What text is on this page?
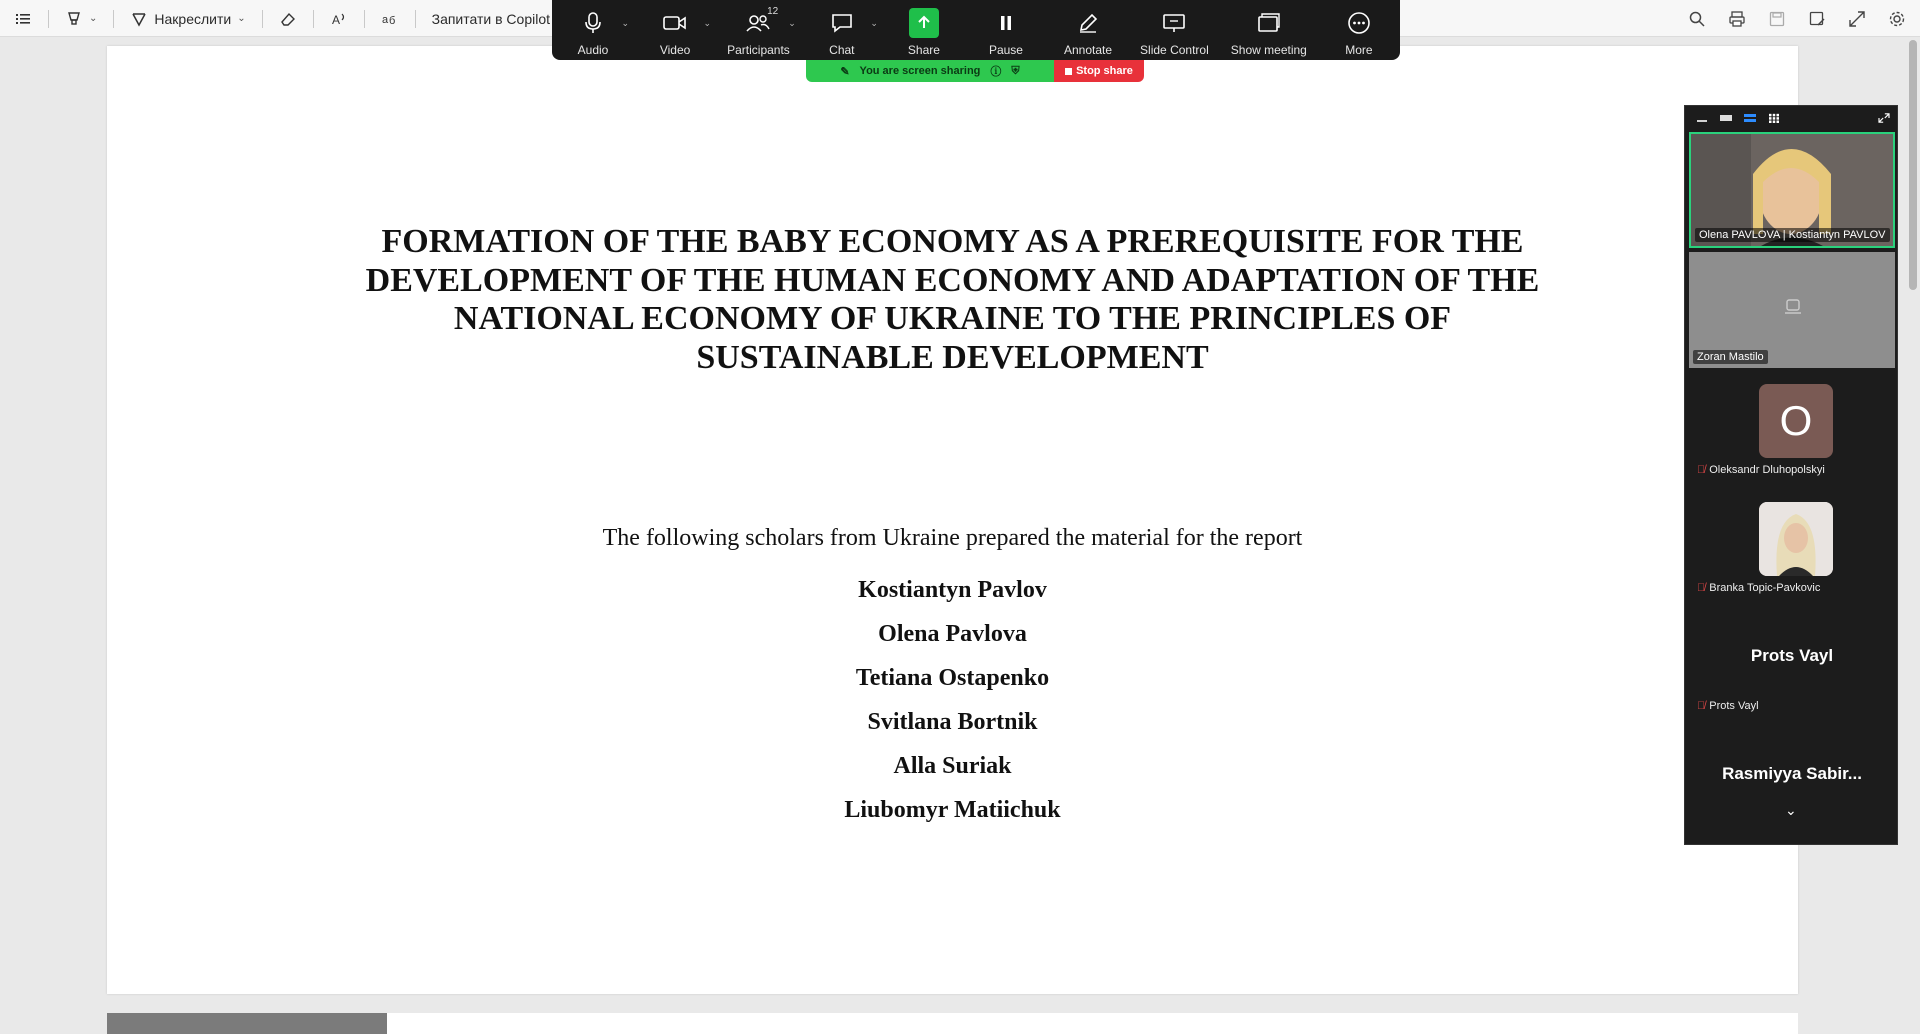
⌄	Накреслити ⌄	A	a б	Запитати в Copilot
FORMATION OF THE BABY ECONOMY AS A PREREQUISITE FOR THE
DEVELOPMENT OF THE HUMAN ECONOMY AND ADAPTATION OF THE
NATIONAL ECONOMY OF UKRAINE TO THE PRINCIPLES OF
SUSTAINABLE DEVELOPMENT
The following scholars from Ukraine prepared the material for the report
Kostiantyn Pavlov
Olena Pavlova
Tetiana Ostapenko
Svitlana Bortnik
Alla Suriak
Liubomyr Matiichuk
⌄
Audio
⌄
Video
12
⌄
Participants
⌄
Chat	Share	Pause	Annotate Slide Control Show meeting	More
✎ You are screen sharing ⓘ ⛨	Stop share
Olena PAVLOVA | Kostiantyn PAVLOV
Zoran Mastilo
O
🎙̸ Oleksandr Dluhopolskyi
🎙̸ Branka Topic-Pavkovic
Prots Vayl
🎙̸ Prots Vayl
Rasmiyya Sabir...
⌄
